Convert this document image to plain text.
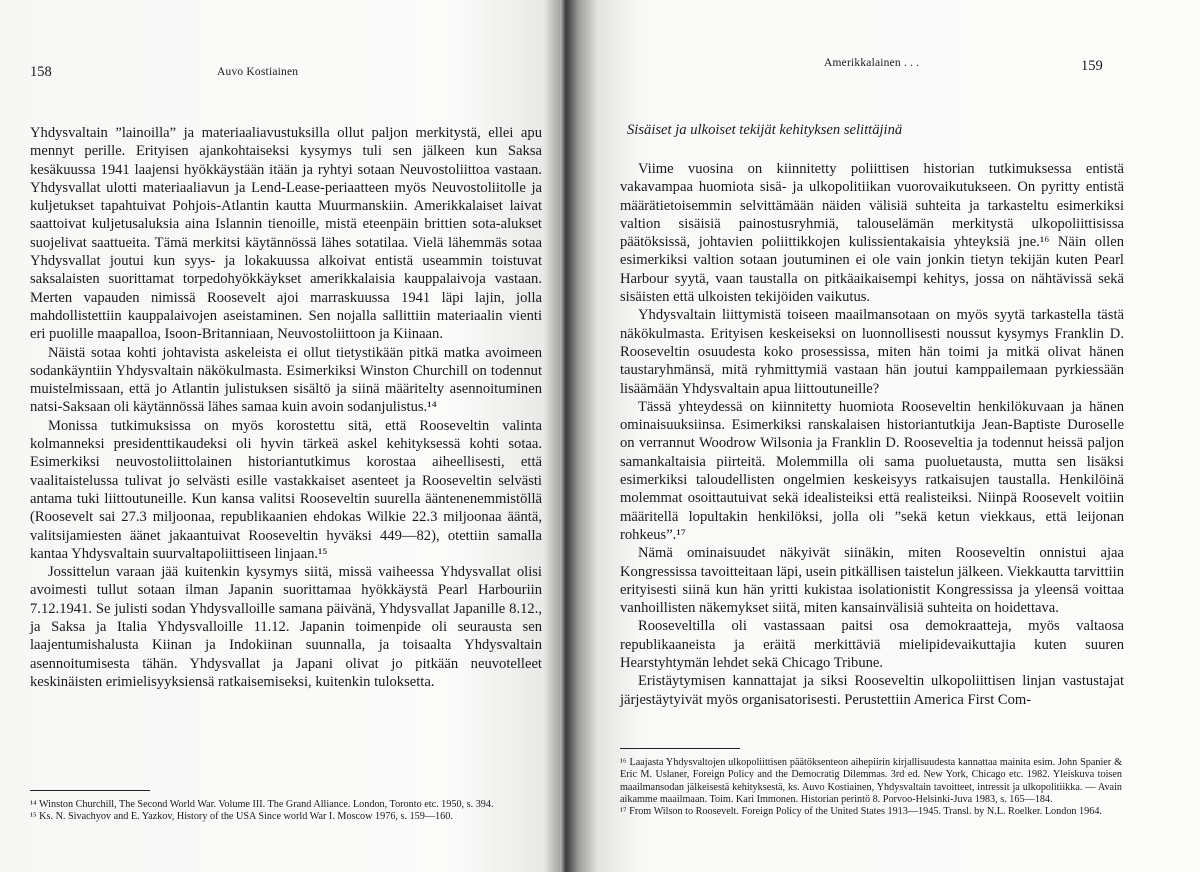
158	Auvo Kostiainen

Yhdysvaltain ”lainoilla” ja materiaaliavustuksilla ollut paljon merkitystä, ellei apu mennyt perille. Erityisen ajankohtaiseksi kysymys tuli sen jälkeen kun Saksa kesäkuussa 1941 laajensi hyökkäystään itään ja ryhtyi sotaan Neuvostoliittoa vastaan. Yhdysvallat ulotti materiaaliavun ja Lend-Lease-periaatteen myös Neuvostoliitolle ja kuljetukset tapahtuivat Pohjois-Atlantin kautta Muurmanskiin. Amerikkalaiset laivat saattoivat kuljetusaluksia aina Islannin tienoille, mistä eteenpäin brittien sota-alukset suojelivat saattueita. Tämä merkitsi käytännössä lähes sotatilaa. Vielä lähemmäs sotaa Yhdysvallat joutui kun syys- ja lokakuussa alkoivat entistä useammin toistuvat saksalaisten suorittamat torpedohyökkäykset amerikkalaisia kauppalaivoja vastaan. Merten vapauden nimissä Roosevelt ajoi marraskuussa 1941 läpi lajin, jolla mahdollistettiin kauppalaivojen aseistaminen. Sen nojalla sallittiin materiaalin vienti eri puolille maapalloa, Isoon-Britanniaan, Neuvostoliittoon ja Kiinaan.

Näistä sotaa kohti johtavista askeleista ei ollut tietystikään pitkä matka avoimeen sodankäyntiin Yhdysvaltain näkökulmasta. Esimerkiksi Winston Churchill on todennut muistelmissaan, että jo Atlantin julistuksen sisältö ja siinä määritelty asennoituminen natsi-Saksaan oli käytännössä lähes samaa kuin avoin sodanjulistus.¹⁴

Monissa tutkimuksissa on myös korostettu sitä, että Rooseveltin valinta kolmanneksi presidenttikaudeksi oli hyvin tärkeä askel kehityksessä kohti sotaa. Esimerkiksi neuvostoliittolainen historiantutkimus korostaa aiheellisesti, että vaalitaistelussa tulivat jo selvästi esille vastakkaiset asenteet ja Rooseveltin selvästi antama tuki liittoutuneille. Kun kansa valitsi Rooseveltin suurella ääntenenemmistöllä (Roosevelt sai 27.3 miljoonaa, republikaanien ehdokas Wilkie 22.3 miljoonaa ääntä, valitsijamiesten äänet jakaantuivat Rooseveltin hyväksi 449—82), otettiin samalla kantaa Yhdysvaltain suurvaltapoliittiseen linjaan.¹⁵

Jossittelun varaan jää kuitenkin kysymys siitä, missä vaiheessa Yhdysvallat olisi avoimesti tullut sotaan ilman Japanin suorittamaa hyökkäystä Pearl Harbouriin 7.12.1941. Se julisti sodan Yhdysvalloille samana päivänä, Yhdysvallat Japanille 8.12., ja Saksa ja Italia Yhdysvalloille 11.12. Japanin toimenpide oli seurausta sen laajentumishalusta Kiinan ja Indokiinan suunnalla, ja toisaalta Yhdysvaltain asennoitumisesta tähän. Yhdysvallat ja Japani olivat jo pitkään neuvotelleet keskinäisten erimielisyyksiensä ratkaisemiseksi, kuitenkin tuloksetta.

¹⁴ Winston Churchill, The Second World War. Volume III. The Grand Alliance. London, Toronto etc. 1950, s. 394.

¹⁵ Ks. N. Sivachyov and E. Yazkov, History of the USA Since world War I. Moscow 1976, s. 159—160.

Amerikkalainen . . .	159
Sisäiset ja ulkoiset tekijät kehityksen selittäjinä

Viime vuosina on kiinnitetty poliittisen historian tutkimuksessa entistä vakavampaa huomiota sisä- ja ulkopolitiikan vuorovaikutukseen. On pyritty entistä määrätietoisemmin selvittämään näiden välisiä suhteita ja tarkasteltu esimerkiksi valtion sisäisiä painostusryhmiä, talouselämän merkitystä ulkopoliittisissa päätöksissä, johtavien poliittikkojen kulissientakaisia yhteyksiä jne.¹⁶ Näin ollen esimerkiksi valtion sotaan joutuminen ei ole vain jonkin tietyn tekijän kuten Pearl Harbour syytä, vaan taustalla on pitkäaikaisempi kehitys, jossa on nähtävissä sekä sisäisten että ulkoisten tekijöiden vaikutus.

Yhdysvaltain liittymistä toiseen maailmansotaan on myös syytä tarkastella tästä näkökulmasta. Erityisen keskeiseksi on luonnollisesti noussut kysymys Franklin D. Rooseveltin osuudesta koko prosessissa, miten hän toimi ja mitkä olivat hänen taustaryhmänsä, mitä ryhmittymiä vastaan hän joutui kamppailemaan pyrkiessään lisäämään Yhdysvaltain apua liittoutuneille?

Tässä yhteydessä on kiinnitetty huomiota Rooseveltin henkilökuvaan ja hänen ominaisuuksiinsa. Esimerkiksi ranskalaisen historiantutkija Jean-Baptiste Duroselle on verrannut Woodrow Wilsonia ja Franklin D. Rooseveltia ja todennut heissä paljon samankaltaisia piirteitä. Molemmilla oli sama puoluetausta, mutta sen lisäksi esimerkiksi taloudellisten ongelmien keskeisyys ratkaisujen taustalla. Henkilöinä molemmat osoittautuivat sekä idealisteiksi että realisteiksi. Niinpä Roosevelt voitiin määritellä lopultakin henkilöksi, jolla oli ”sekä ketun viekkaus, että leijonan rohkeus”.¹⁷

Nämä ominaisuudet näkyivät siinäkin, miten Rooseveltin onnistui ajaa Kongressissa tavoitteitaan läpi, usein pitkällisen taistelun jälkeen. Viekkautta tarvittiin erityisesti siinä kun hän yritti kukistaa isolationistit Kongressissa ja yleensä voittaa vanhoillisten näkemykset siitä, miten kansainvälisiä suhteita on hoidettava.

Rooseveltilla oli vastassaan paitsi osa demokraatteja, myös valtaosa republikaaneista ja eräitä merkittäviä mielipidevaikuttajia kuten suuren Hearstyhtymän lehdet sekä Chicago Tribune.

Eristäytymisen kannattajat ja siksi Rooseveltin ulkopoliittisen linjan vastustajat järjestäytyivät myös organisatorisesti. Perustettiin America First Com-

¹⁶ Laajasta Yhdysvaltojen ulkopoliittisen päätöksenteon aihepiirin kirjallisuudesta kannattaa mainita esim. John Spanier & Eric M. Uslaner, Foreign Policy and the Democratig Dilemmas. 3rd ed. New York, Chicago etc. 1982. Yleiskuva toisen maailmansodan jälkeisestä kehityksestä, ks. Auvo Kostiainen, Yhdysvaltain tavoitteet, intressit ja ulkopolitiikka. — Avain aikamme maailmaan. Toim. Kari Immonen. Historian perintö 8. Porvoo-Helsinki-Juva 1983, s. 165—184.

¹⁷ From Wilson to Roosevelt. Foreign Policy of the United States 1913—1945. Transl. by N.L. Roelker. London 1964.
